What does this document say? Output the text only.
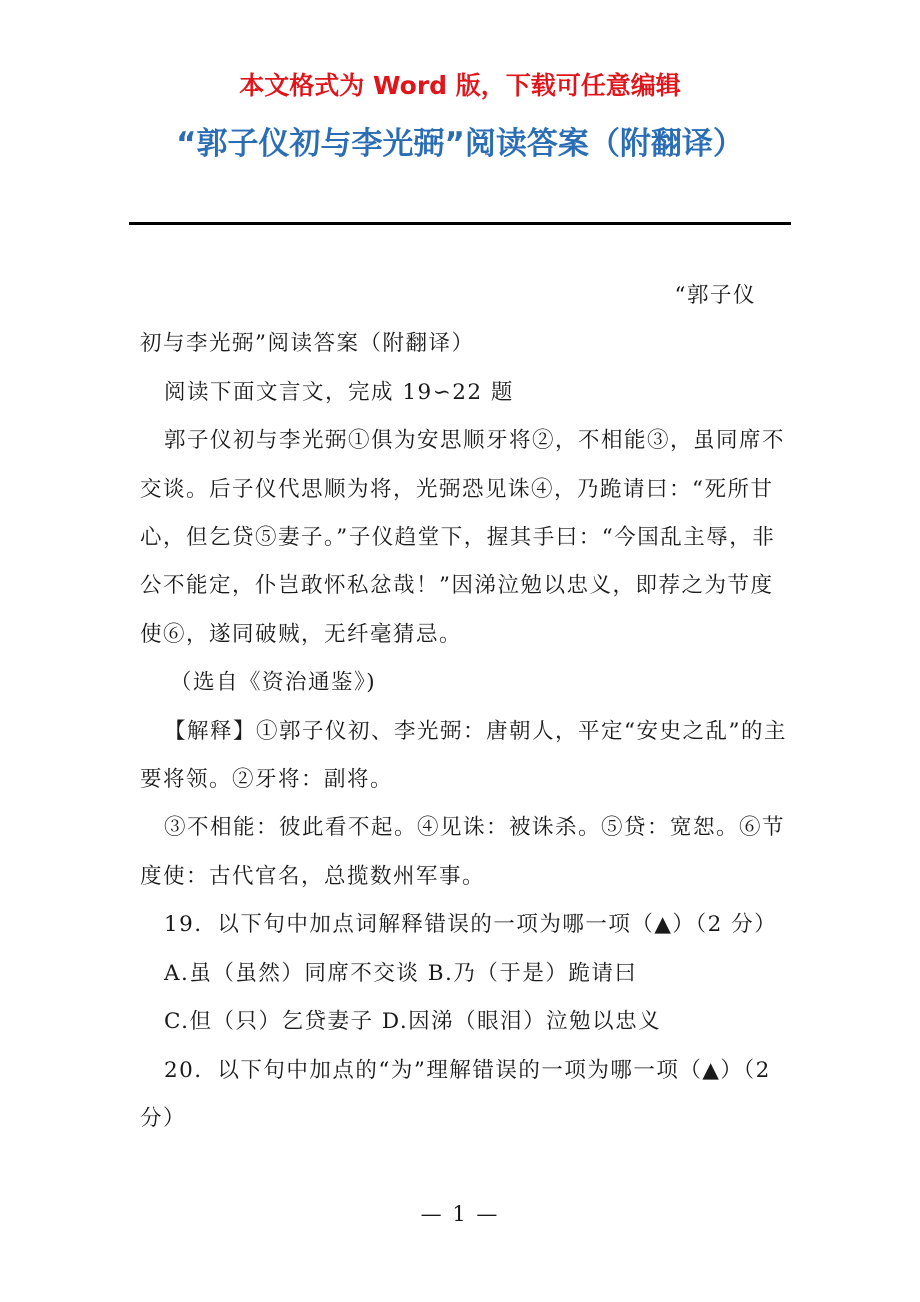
本文格式为 Word 版，下载可任意编辑
“郭子仪初与李光弼”阅读答案（附翻译）

“郭子仪

初与李光弼”阅读答案（附翻译）

阅读下面文言文，完成 19∽22 题

郭子仪初与李光弼①俱为安思顺牙将②，不相能③，虽同席不交谈。后子仪代思顺为将，光弼恐见诛④，乃跪请曰：“死所甘心，但乞贷⑤妻子。”子仪趋堂下，握其手曰：“今国乱主辱，非公不能定，仆岂敢怀私忿哉！”因涕泣勉以忠义，即荐之为节度使⑥，遂同破贼，无纤毫猜忌。

（选自《资治通鉴》)

【解释】①郭子仪初、李光弼：唐朝人，平定“安史之乱”的主要将领。②牙将：副将。

③不相能：彼此看不起。④见诛：被诛杀。⑤贷：宽恕。⑥节度使：古代官名，总揽数州军事。

19．以下句中加点词解释错误的一项为哪一项（▲）（2 分）

A.虽（虽然）同席不交谈 B.乃（于是）跪请曰

C.但（只）乞贷妻子 D.因涕（眼泪）泣勉以忠义

20．以下句中加点的“为”理解错误的一项为哪一项（▲）（2 分）

— 1 —
